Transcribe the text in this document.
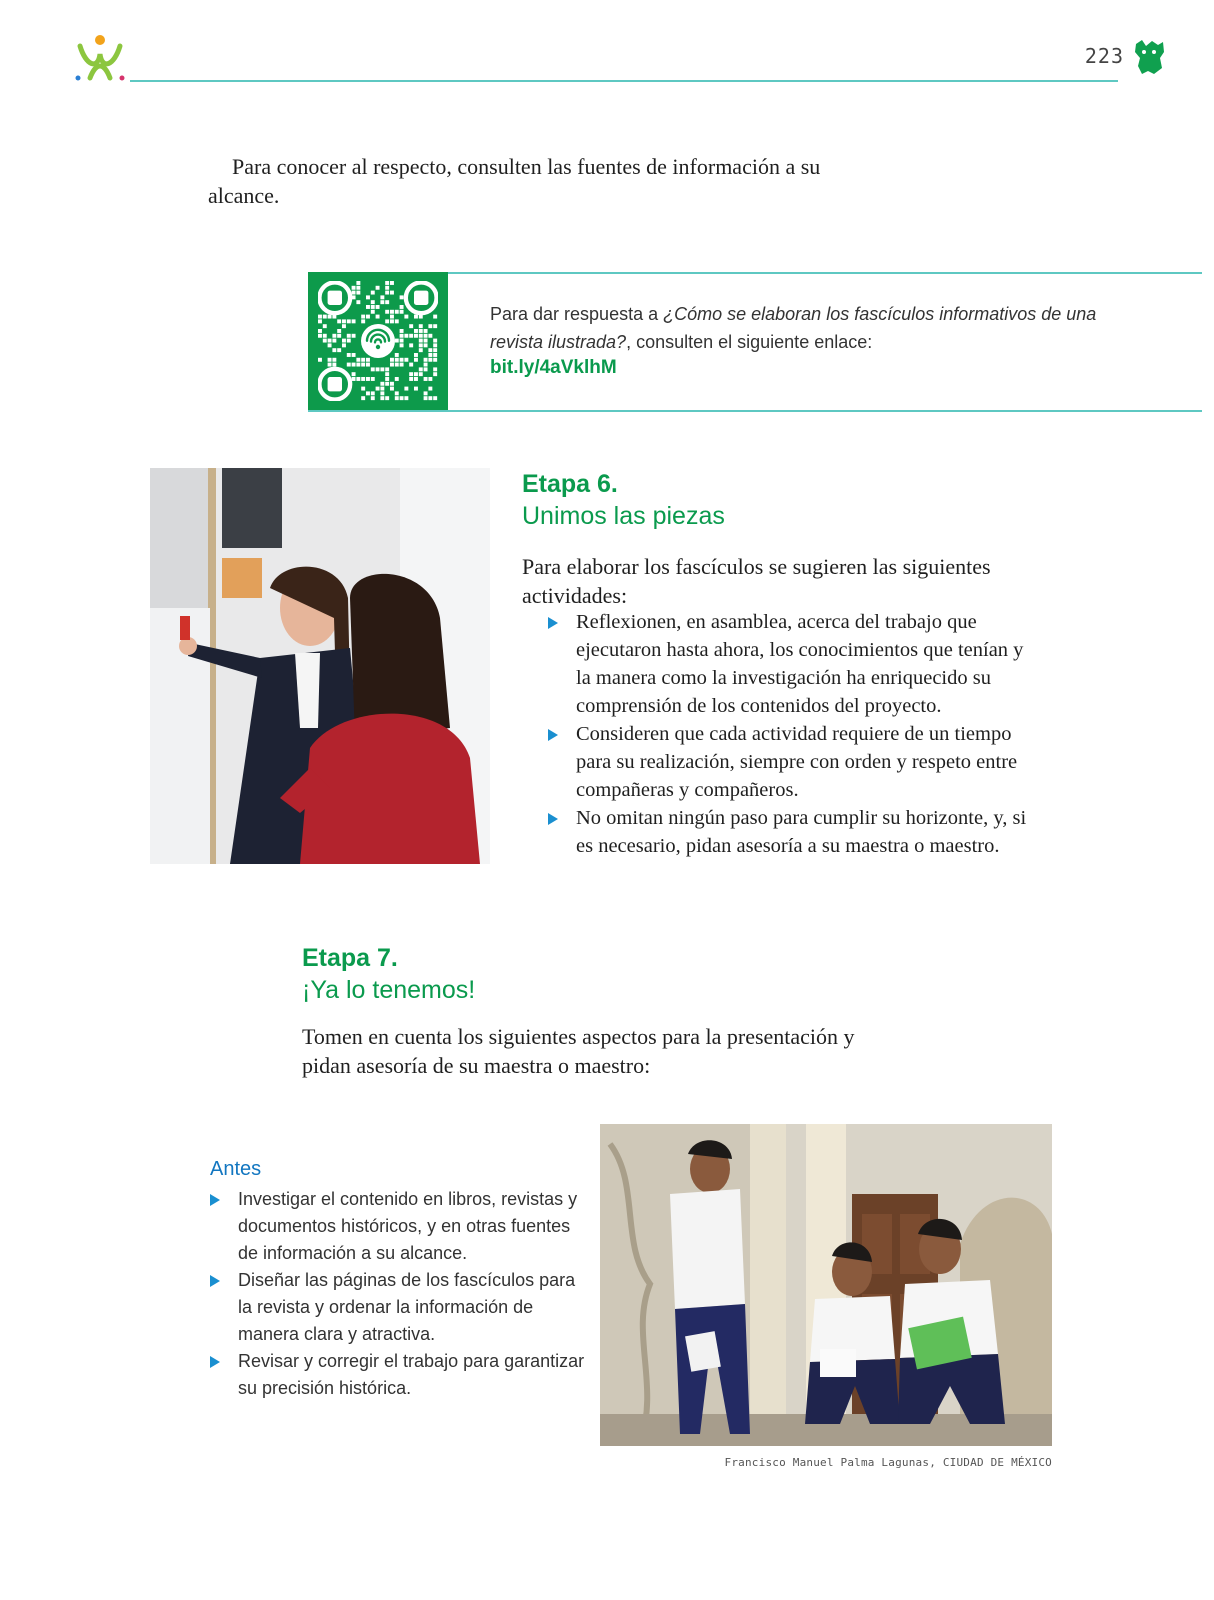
223

Para conocer al respecto, consulten las fuentes de información a su alcance.

Para dar respuesta a ¿Cómo se elaboran los fascículos informativos de una revista ilustrada?, consulten el siguiente enlace:

bit.ly/4aVklhM

Etapa 6.

Unimos las piezas

Para elaborar los fascículos se sugieren las siguientes actividades:

Reflexionen, en asamblea, acerca del trabajo que ejecutaron hasta ahora, los conocimientos que tenían y la manera como la investigación ha enriquecido su comprensión de los contenidos del proyecto.
Consideren que cada actividad requiere de un tiempo para su realización, siempre con orden y respeto entre compañeras y compañeros.
No omitan ningún paso para cumplir su horizonte, y, si es necesario, pidan asesoría a su maestra o maestro.

Etapa 7.

¡Ya lo tenemos!

Tomen en cuenta los siguientes aspectos para la presentación y pidan asesoría de su maestra o maestro:

Antes
Investigar el contenido en libros, revistas y documentos históricos, y en otras fuentes de información a su alcance.
Diseñar las páginas de los fascículos para la revista y ordenar la información de manera clara y atractiva.
Revisar y corregir el trabajo para garantizar su precisión histórica.
Francisco Manuel Palma Lagunas, CIUDAD DE MÉXICO
